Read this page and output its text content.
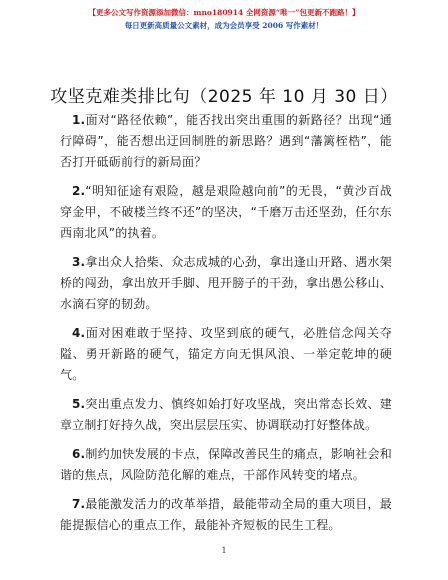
【更多公文写作资源添加微信：mno180914 全网资源“唯一”包更新不跑路！】
每日更新高质量公文素材，成为会员享受 2006 写作素材！
攻坚克难类排比句（2025 年 10 月 30 日）

1.面对“路径依赖”，能否找出突出重围的新路径？出现“通行障碍”，能否想出迂回制胜的新思路？遇到“藩篱桎梏”，能否打开砥砺前行的新局面？

2.“明知征途有艰险，越是艰险越向前”的无畏，“黄沙百战穿金甲，不破楼兰终不还”的坚决，“千磨万击还坚劲，任尔东西南北风”的执着。

3.拿出众人拾柴、众志成城的心劲，拿出逢山开路、遇水架桥的闯劲，拿出放开手脚、甩开膀子的干劲，拿出愚公移山、水滴石穿的韧劲。

4.面对困难敢于坚持、攻坚到底的硬气，必胜信念闯关夺隘、勇开新路的硬气，锚定方向无惧风浪、一举定乾坤的硬气。

5.突出重点发力、慎终如始打好攻坚战，突出常态长效、建章立制打好持久战，突出层层压实、协调联动打好整体战。

6.制约加快发展的卡点，保障改善民生的痛点，影响社会和谐的焦点，风险防范化解的难点，干部作风转变的堵点。

7.最能激发活力的改革举措，最能带动全局的重大项目，最能提振信心的重点工作，最能补齐短板的民生工程。

1
